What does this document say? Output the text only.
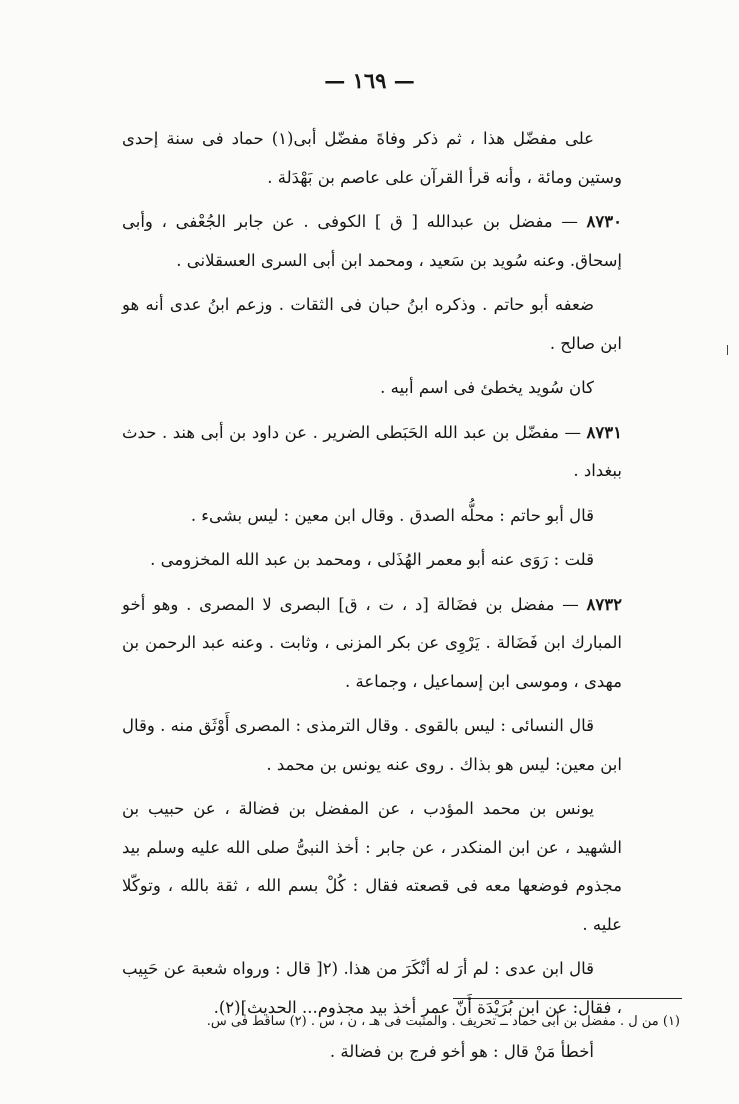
— ١٦٩ —

على مفضّل هذا ، ثم ذكر وفاةَ مفضّل أبى(١) حماد فى سنة إحدى وستين ومائة ، وأنه قرأ القرآن على عاصم بن بَهْدَلة .

٨٧٣٠ — مفضل بن عبدالله [ ق ] الكوفى . عن جابر الجُعْفى ، وأبى إسحاق. وعنه سُويد بن سَعيد ، ومحمد ابن أبى السرى العسقلانى .

ضعفه أبو حاتم . وذكره ابنُ حبان فى الثقات . وزعم ابنُ عدى أنه هو ابن صالح .

كان سُويد يخطئ فى اسم أبيه .

٨٧٣١ — مفضّل بن عبد الله الحَبَطى الضرير . عن داود بن أبى هند . حدث ببغداد .

قال أبو حاتم : محلُّه الصدق . وقال ابن معين : ليس بشىء .

قلت : رَوَى عنه أبو معمر الهُذَلى ، ومحمد بن عبد الله المخزومى .

٨٧٣٢ — مفضل بن فضَالة [د ، ت ، ق] البصرى لا المصرى . وهو أخو المبارك ابن فَضَالة . يَرْوِى عن بكر المزنى ، وثابت . وعنه عبد الرحمن بن مهدى ، وموسى ابن إسماعيل ، وجماعة .

قال النسائى : ليس بالقوى . وقال الترمذى : المصرى أَوْثَق منه . وقال ابن معين: ليس هو بذاك . روى عنه يونس بن محمد .

يونس بن محمد المؤدب ، عن المفضل بن فضالة ، عن حبيب بن الشهيد ، عن ابن المنكدر ، عن جابر : أخذ النبىُّ صلى الله عليه وسلم بيد مجذوم فوضعها معه فى قصعته فقال : كُلْ بسم الله ، ثقة بالله ، وتوكّلا عليه .

قال ابن عدى : لم أرَ له أنْكَرَ من هذا. (٢[ قال : ورواه شعبة عن حَبِيب ، فقال: عن ابن بُرَيْدَة أَنّ عمر أخذ بيد مجذوم... الحديث](٢).

أخطأ مَنْ قال : هو أخو فرج بن فضالة .

(١) من ل . مفضل بن أبى حماد ــ تحريف . والمثبت فى هـ ، ن ، س . (٢) ساقط فى س.
